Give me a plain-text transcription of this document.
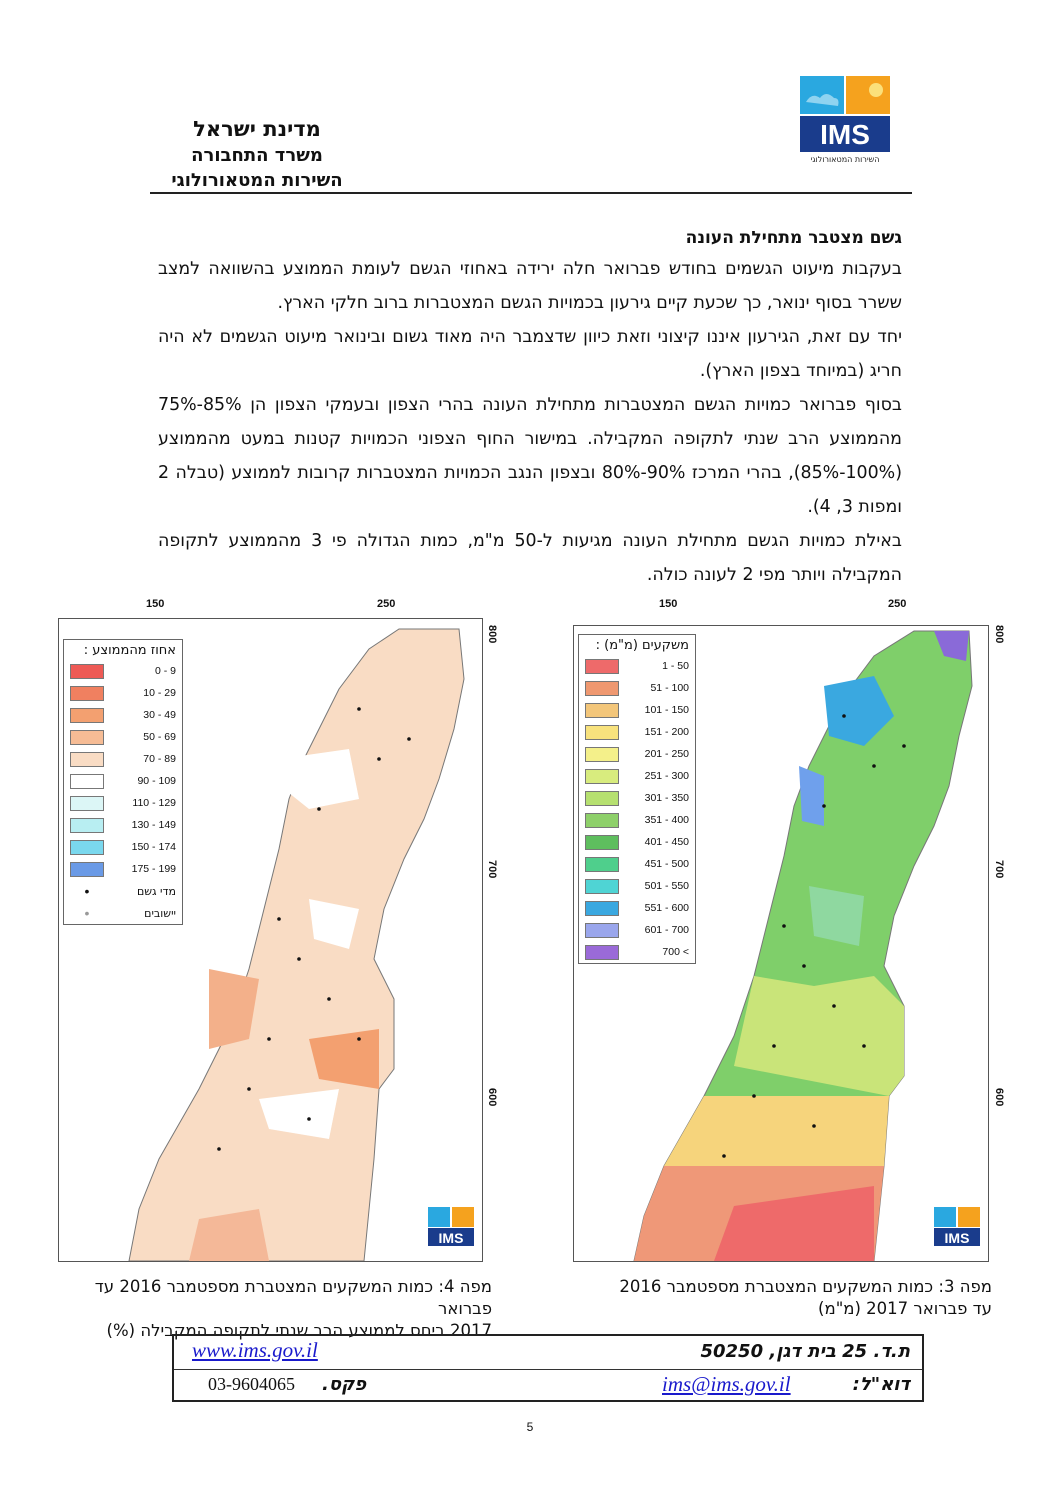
מדינת ישראל
משרד התחבורה
השירות המטאורולוגי
IMS
השירות המטאורולוגי
גשם מצטבר מתחילת העונה

בעקבות מיעוט הגשמים בחודש פברואר חלה ירידה באחוזי הגשם לעומת הממוצע בהשוואה למצב ששרר בסוף ינואר, כך שכעת קיים גירעון בכמויות הגשם המצטברות ברוב חלקי הארץ.

יחד עם זאת, הגירעון איננו קיצוני וזאת כיוון שדצמבר היה מאוד גשום ובינואר מיעוט הגשמים לא היה חריג (במיוחד בצפון הארץ).

בסוף פברואר כמויות הגשם המצטברות מתחילת העונה בהרי הצפון ובעמקי הצפון הן 85%-75% מהממוצע הרב שנתי לתקופה המקבילה. במישור החוף הצפוני הכמויות קטנות במעט מהממוצע (100%-85%), בהרי המרכז 90%-80% ובצפון הנגב הכמויות המצטברות קרובות לממוצע (טבלה 2 ומפות 3, 4).

באילת כמויות הגשם מתחילת העונה מגיעות ל-50 מ"מ, כמות הגדולה פי 3 מהממוצע לתקופה המקבילה ויותר מפי 2 לעונה כולה.

150	250
800
700
600
משקעים (מ"מ) :
1 - 50
51 - 100
101 - 150
151 - 200
201 - 250
251 - 300
301 - 350
351 - 400
401 - 450
451 - 500
501 - 550
551 - 600
601 - 700
700 <
IMS
150	250
800
700
600
אחוז מהממוצע :
0 - 9
10 - 29
30 - 49
50 - 69
70 - 89
90 - 109
110 - 129
130 - 149
150 - 174
175 - 199
•	מדי גשם
•	יישובים
IMS
מפה 3: כמות המשקעים המצטברת מספטמבר 2016
עד פברואר 2017 (מ"מ)
מפה 4: כמות המשקעים המצטברת מספטמבר 2016 עד פברואר
2017 ביחס לממוצע הרב שנתי לתקופה המקבילה (%)
ת.ד. 25 בית דגן, 50250
www.ims.gov.il
דוא"ל:
ims@ims.gov.il
פקס.
03-9604065
5
